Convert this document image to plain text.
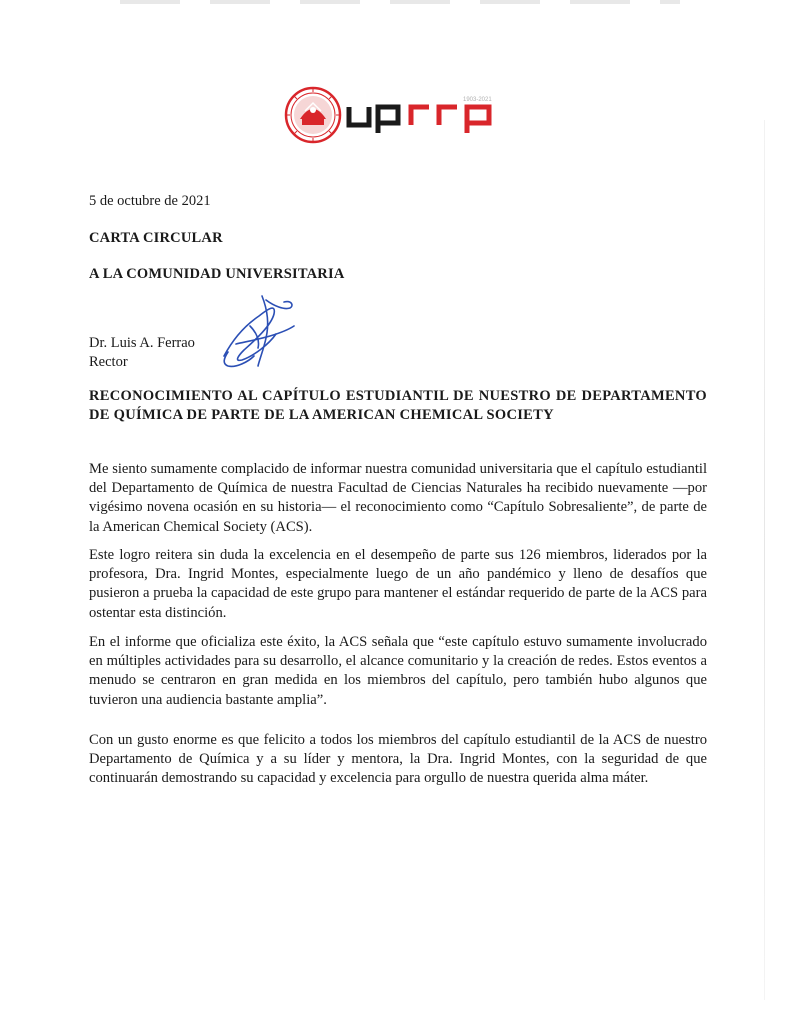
1903-2021
5 de octubre de 2021
CARTA CIRCULAR
A LA COMUNIDAD UNIVERSITARIA
Dr. Luis A. Ferrao
Rector
RECONOCIMIENTO AL CAPÍTULO ESTUDIANTIL DE NUESTRO DE DEPARTAMENTO DE QUÍMICA DE PARTE DE LA AMERICAN CHEMICAL SOCIETY

Me siento sumamente complacido de informar nuestra comunidad universitaria que el capítulo estudiantil del Departamento de Química de nuestra Facultad de Ciencias Naturales ha recibido nuevamente —por vigésimo novena ocasión en su historia— el reconocimiento como “Capítulo Sobresaliente”, de parte de la American Chemical Society (ACS).

Este logro reitera sin duda la excelencia en el desempeño de parte sus 126 miembros, liderados por la profesora, Dra. Ingrid Montes, especialmente luego de un año pandémico y lleno de desafíos que pusieron a prueba la capacidad de este grupo para mantener el estándar requerido de parte de la ACS para ostentar esta distinción.

En el informe que oficializa este éxito, la ACS señala que “este capítulo estuvo sumamente involucrado en múltiples actividades para su desarrollo, el alcance comunitario y la creación de redes. Estos eventos a menudo se centraron en gran medida en los miembros del capítulo, pero también hubo algunos que tuvieron una audiencia bastante amplia”.

Con un gusto enorme es que felicito a todos los miembros del capítulo estudiantil de la ACS de nuestro Departamento de Química y a su líder y mentora, la Dra. Ingrid Montes, con la seguridad de que continuarán demostrando su capacidad y excelencia para orgullo de nuestra querida alma máter.
